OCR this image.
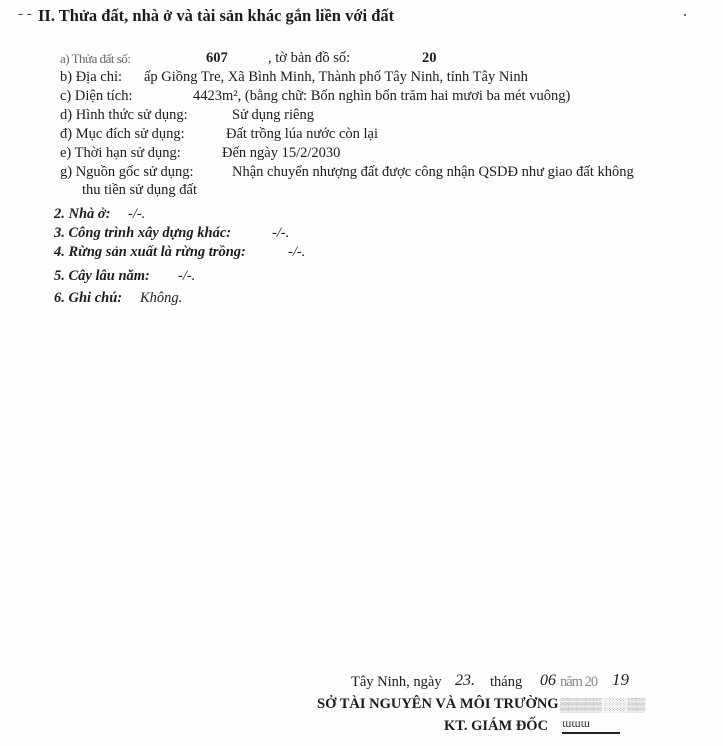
- - II. Thửa đất, nhà ở và tài sản khác gắn liền với đất
a) Thửa đất số:	607	, tờ bản đồ số:	20
b) Địa chỉ: ấp Giồng Tre, Xã Bình Minh, Thành phố Tây Ninh, tỉnh Tây Ninh
c) Diện tích:	4423m², (bằng chữ: Bốn nghìn bốn trăm hai mươi ba mét vuông)
d) Hình thức sử dụng:	Sử dụng riêng
đ) Mục đích sử dụng:	Đất trồng lúa nước còn lại
e) Thời hạn sử dụng:	Đến ngày 15/2/2030
g) Nguồn gốc sử dụng:	Nhận chuyển nhượng đất được công nhận QSDĐ như giao đất không
thu tiền sử dụng đất
2. Nhà ở: -/-.
3. Công trình xây dựng khác:	-/-.
4. Rừng sản xuất là rừng trồng:	-/-.
5. Cây lâu năm: -/-.
6. Ghi chú: Không.
Tây Ninh, ngày 23. tháng 06 năm 20 19
SỞ TÀI NGUYÊN VÀ MÔI TRƯỜNG ▒▒▒▒▒ ░░░▒▒
KT. GIÁM ĐỐC ɯɯɯ
